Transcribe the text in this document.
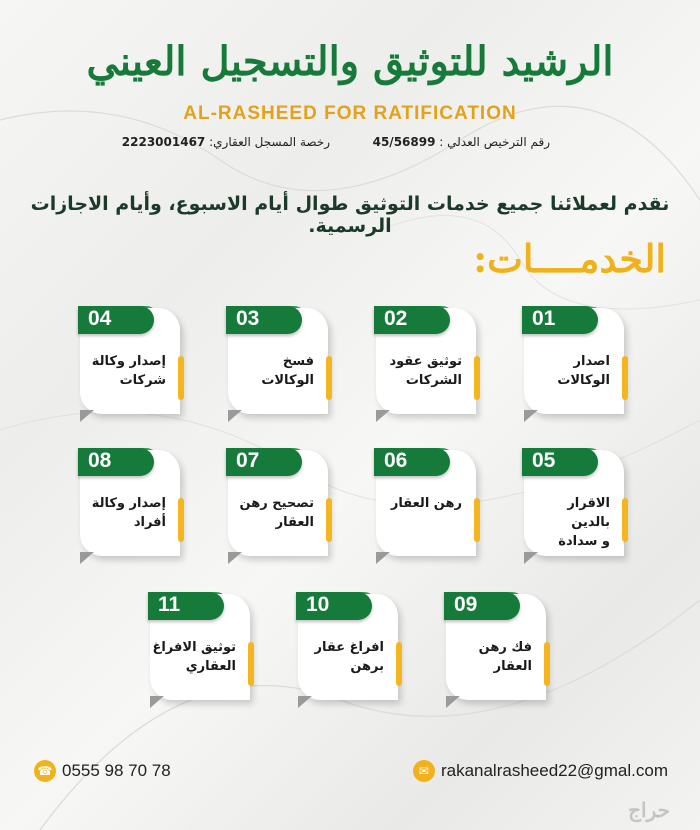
الرشيد للتوثيق والتسجيل العيني
AL-RASHEED FOR RATIFICATION
رقم الترخيص العدلي : 45/56899
رخصة المسجل العقاري: 2223001467
نقدم لعملائنا جميع خدمات التوثيق طوال أيام الاسبوع، وأيام الاجازات الرسمية.
الخدمــــات:
01
اصدار
الوكالات
02
توثيق عقود
الشركات
03
فسخ
الوكالات
04
إصدار وكالة
شركات
05
الاقرار بالدين
و سدادة
06
رهن العقار
07
تصحيح رهن
العقار
08
إصدار وكالة
أفراد
09
فك رهن
العقار
10
افراغ عقار
برهن
11
توثيق الافراغ
العقاري
☎ 0555 98 70 78	✉ rakanalrasheed22@gmal.com
حراج
